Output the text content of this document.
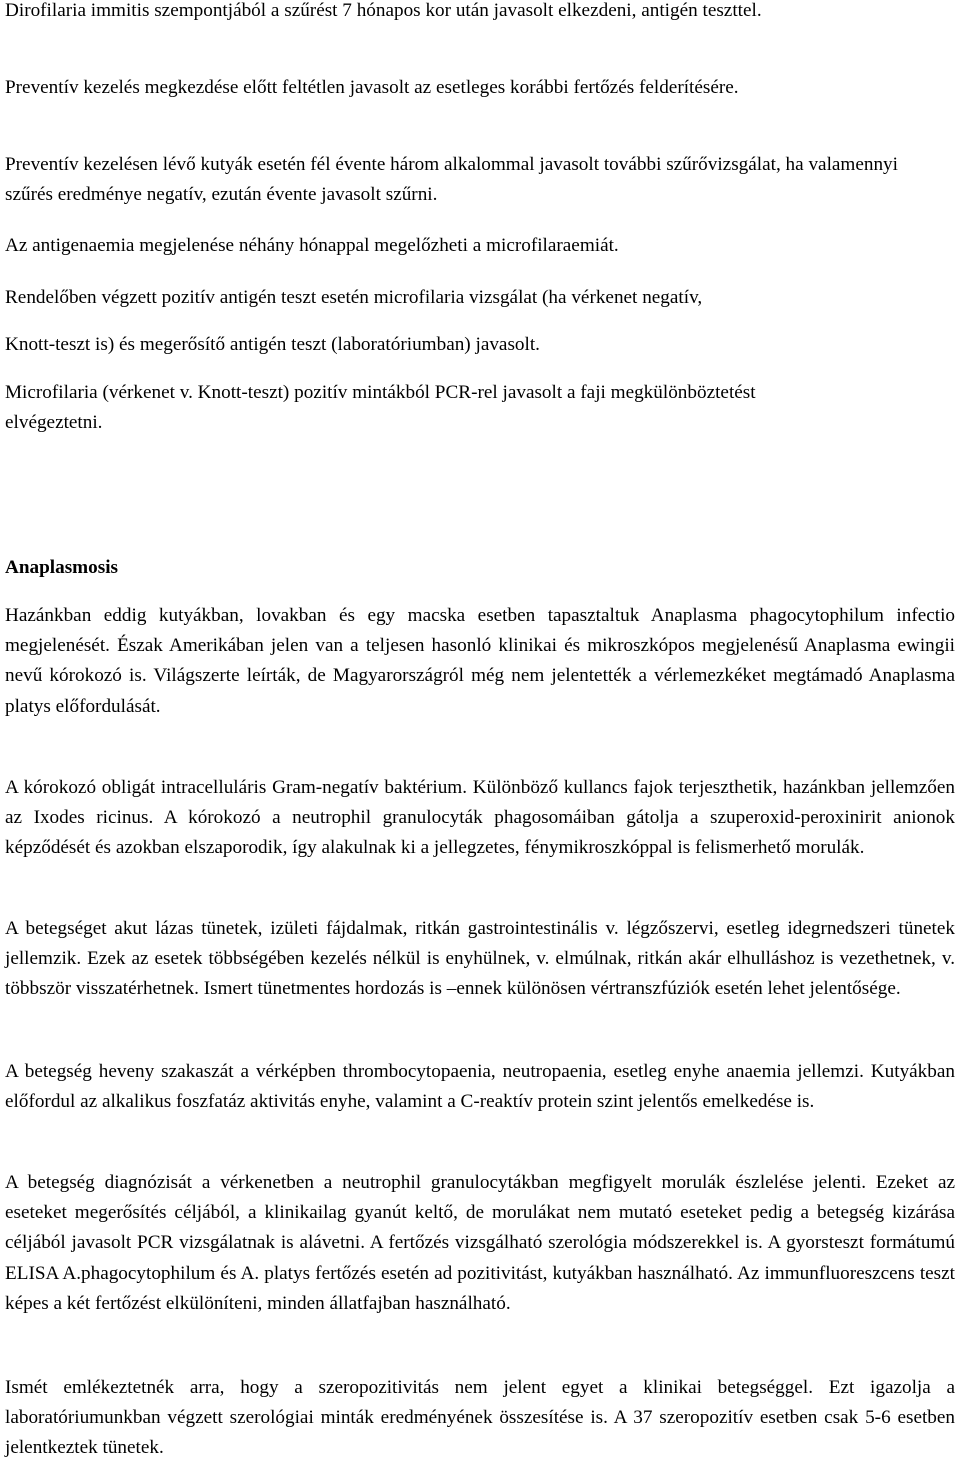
Dirofilaria immitis szempontjából a szűrést 7 hónapos kor után javasolt elkezdeni, antigén teszttel.

Preventív kezelés megkezdése előtt feltétlen javasolt az esetleges korábbi fertőzés felderítésére.

Preventív kezelésen lévő kutyák esetén fél évente három alkalommal javasolt további szűrővizsgálat, ha valamennyi szűrés eredménye negatív, ezután évente javasolt szűrni.

Az antigenaemia megjelenése néhány hónappal megelőzheti a microfilaraemiát.

Rendelőben végzett pozitív antigén teszt esetén microfilaria vizsgálat (ha vérkenet negatív,

Knott-teszt is) és megerősítő antigén teszt (laboratóriumban) javasolt.

Microfilaria (vérkenet v. Knott-teszt) pozitív mintákból PCR-rel javasolt a faji megkülönböztetést elvégeztetni.

Anaplasmosis

Hazánkban eddig kutyákban, lovakban és egy macska esetben tapasztaltuk Anaplasma phagocytophilum infectio megjelenését. Észak Amerikában jelen van a teljesen hasonló klinikai és mikroszkópos megjelenésű Anaplasma ewingii nevű kórokozó is. Világszerte leírták, de Magyarországról még nem jelentették a vérlemezkéket megtámadó Anaplasma platys előfordulását.

A kórokozó obligát intracelluláris Gram-negatív baktérium. Különböző kullancs fajok terjeszthetik, hazánkban jellemzően az Ixodes ricinus. A kórokozó a neutrophil granulocyták phagosomáiban gátolja a szuperoxid-peroxinirit anionok képződését és azokban elszaporodik, így alakulnak ki a jellegzetes, fénymikroszkóppal is felismerhető morulák.

A betegséget akut lázas tünetek, izületi fájdalmak, ritkán gastrointestinális v. légzőszervi, esetleg idegrnedszeri tünetek jellemzik. Ezek az esetek többségében kezelés nélkül is enyhülnek, v. elmúlnak, ritkán akár elhulláshoz is vezethetnek, v. többször visszatérhetnek. Ismert tünetmentes hordozás is –ennek különösen vértranszfúziók esetén lehet jelentősége.

A betegség heveny szakaszát a vérképben thrombocytopaenia, neutropaenia, esetleg enyhe anaemia jellemzi. Kutyákban előfordul az alkalikus foszfatáz aktivitás enyhe, valamint a C-reaktív protein szint jelentős emelkedése is.

A betegség diagnózisát a vérkenetben a neutrophil granulocytákban megfigyelt morulák észlelése jelenti. Ezeket az eseteket megerősítés céljából, a klinikailag gyanút keltő, de morulákat nem mutató eseteket pedig a betegség kizárása céljából javasolt PCR vizsgálatnak is alávetni. A fertőzés vizsgálható szerológia módszerekkel is. A gyorsteszt formátumú ELISA A.phagocytophilum és A. platys fertőzés esetén ad pozitivitást, kutyákban használható. Az immunfluoreszcens teszt képes a két fertőzést elkülöníteni, minden állatfajban használható.

Ismét emlékeztetnék arra, hogy a szeropozitivitás nem jelent egyet a klinikai betegséggel. Ezt igazolja a laboratóriumunkban végzett szerológiai minták eredményének összesítése is. A 37 szeropozitív esetben csak 5-6 esetben jelentkeztek tünetek.
